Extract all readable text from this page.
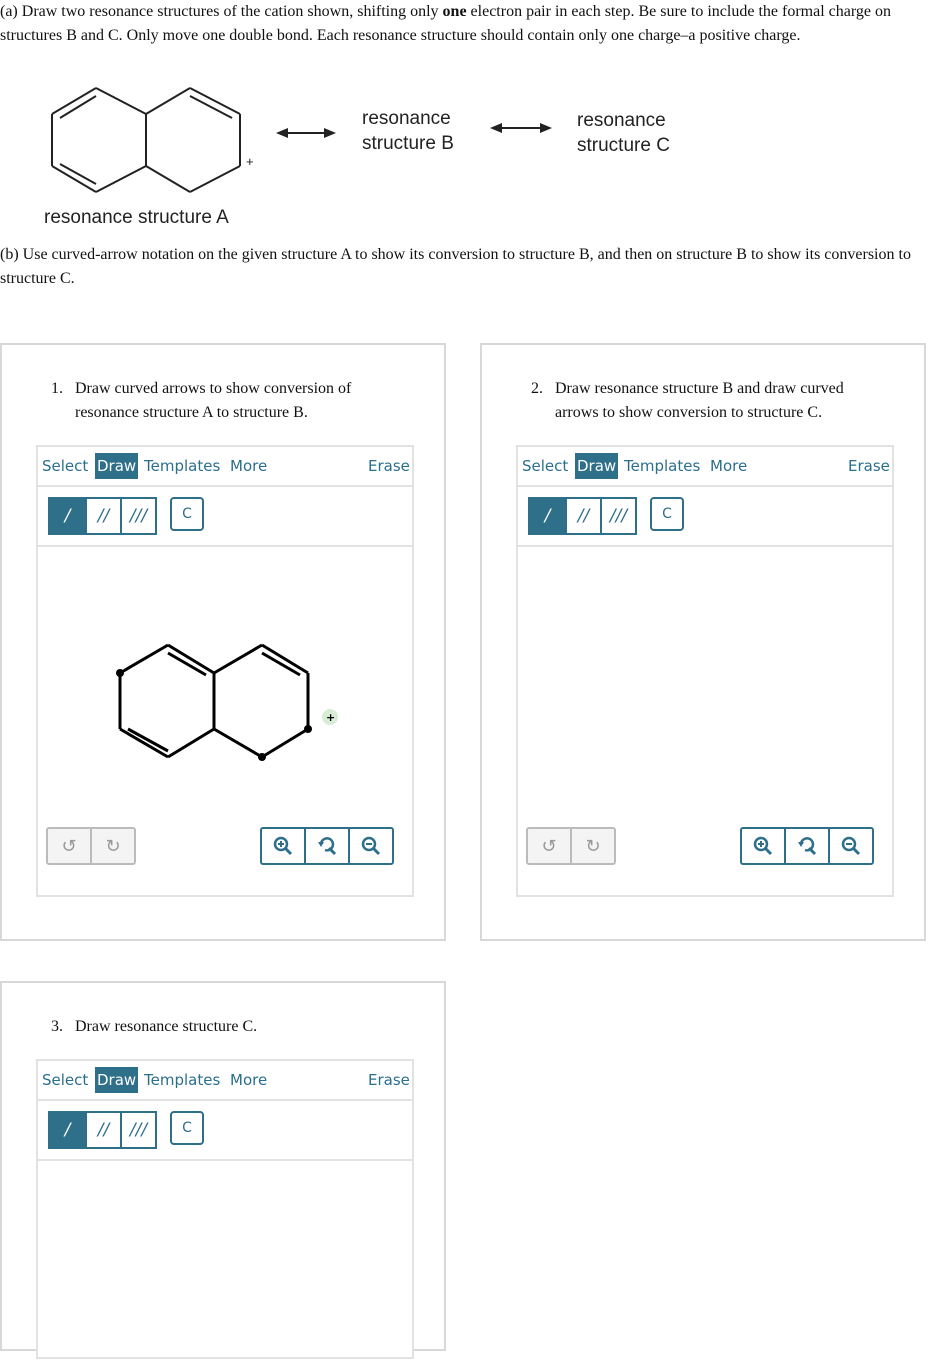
(a) Draw two resonance structures of the cation shown, shifting only one electron pair in each step. Be sure to include the formal charge on structures B and C. Only move one double bond. Each resonance structure should contain only one charge–a positive charge.
+
resonance
structure B
resonance
structure C
resonance structure A
(b) Use curved-arrow notation on the given structure A to show its conversion to structure B, and then on structure B to show its conversion to structure C.
1. Draw curved arrows to show conversion of
resonance structure A to structure B.
Select Draw Templates More	Erase
/	//	///	C
+
↺	↻
2. Draw resonance structure B and draw curved
arrows to show conversion to structure C.
Select Draw Templates More	Erase
/	//	///	C
↺	↻
3. Draw resonance structure C.
Select Draw Templates More	Erase
/	//	///	C
